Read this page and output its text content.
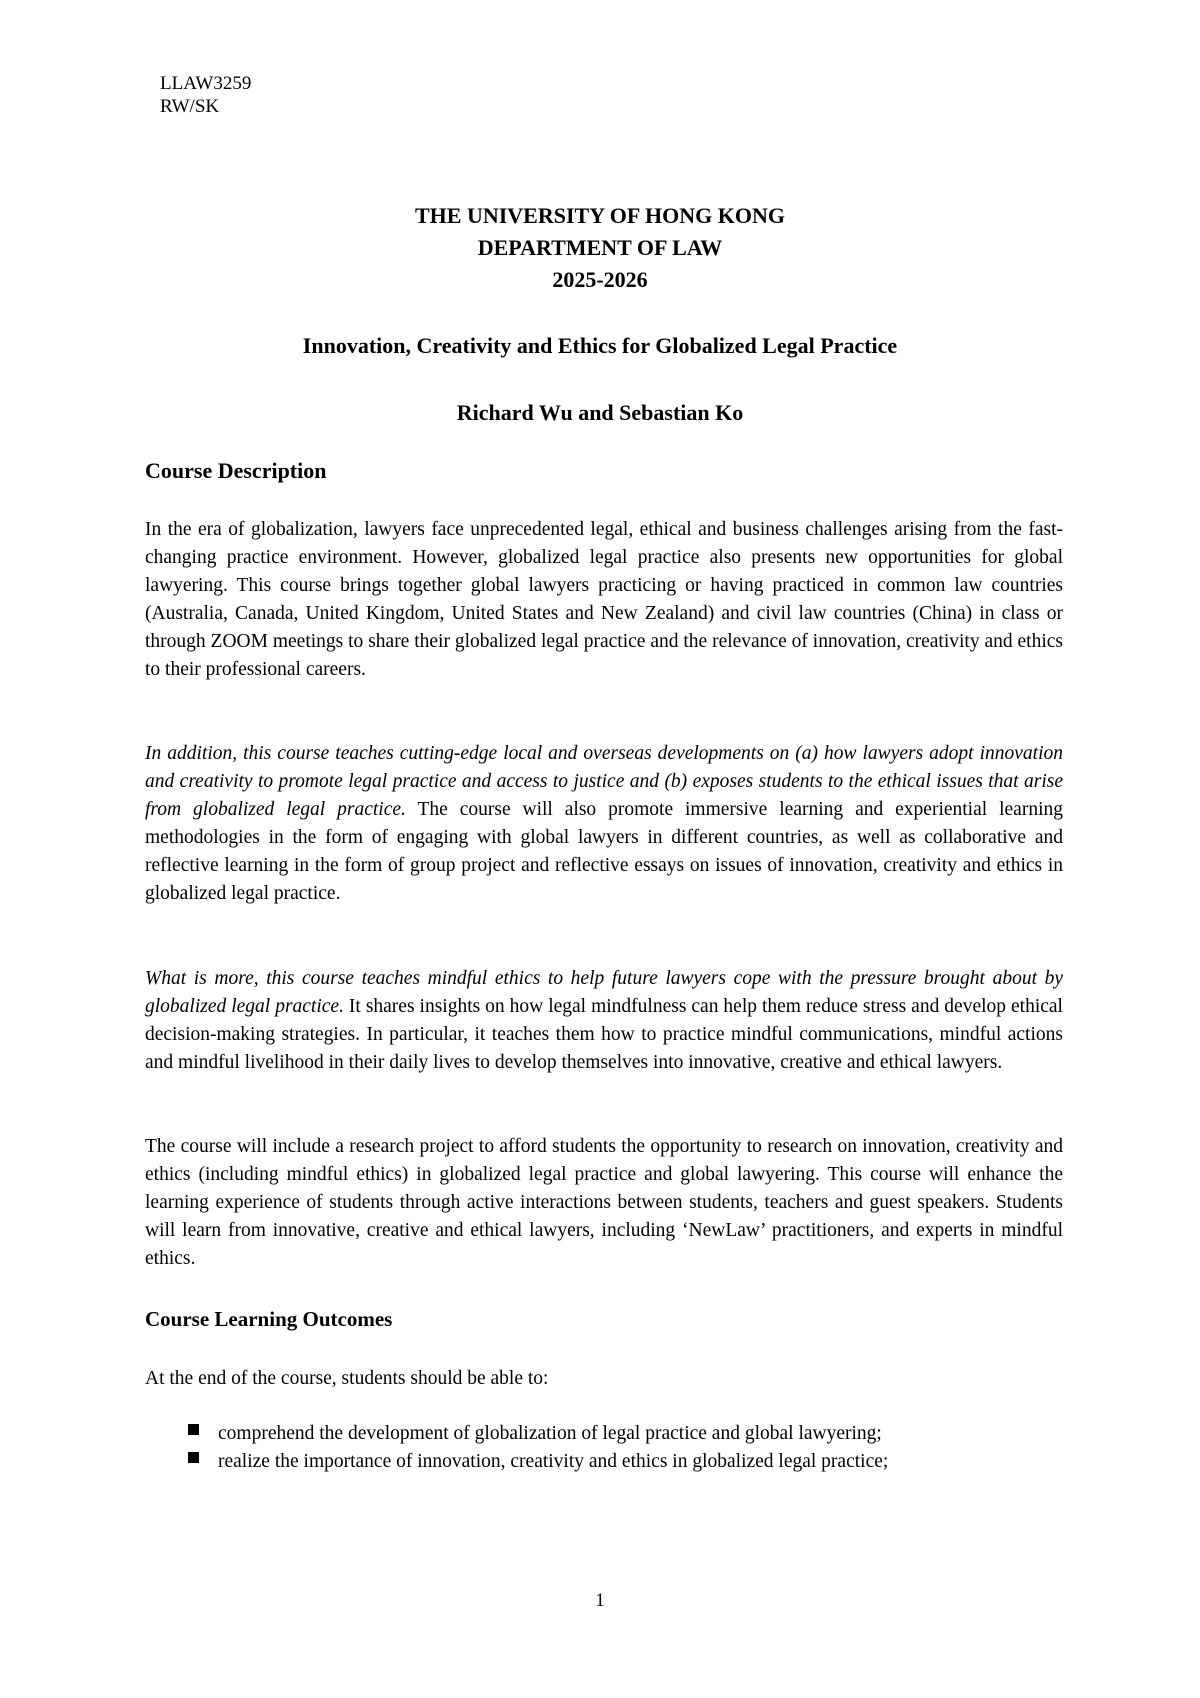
LLAW3259
RW/SK
THE UNIVERSITY OF HONG KONG
DEPARTMENT OF LAW
2025-2026
Innovation, Creativity and Ethics for Globalized Legal Practice
Richard Wu and Sebastian Ko
Course Description
In the era of globalization, lawyers face unprecedented legal, ethical and business challenges arising from the fast-changing practice environment. However, globalized legal practice also presents new opportunities for global lawyering. This course brings together global lawyers practicing or having practiced in common law countries (Australia, Canada, United Kingdom, United States and New Zealand) and civil law countries (China) in class or through ZOOM meetings to share their globalized legal practice and the relevance of innovation, creativity and ethics to their professional careers.
In addition, this course teaches cutting-edge local and overseas developments on (a) how lawyers adopt innovation and creativity to promote legal practice and access to justice and (b) exposes students to the ethical issues that arise from globalized legal practice. The course will also promote immersive learning and experiential learning methodologies in the form of engaging with global lawyers in different countries, as well as collaborative and reflective learning in the form of group project and reflective essays on issues of innovation, creativity and ethics in globalized legal practice.
What is more, this course teaches mindful ethics to help future lawyers cope with the pressure brought about by globalized legal practice. It shares insights on how legal mindfulness can help them reduce stress and develop ethical decision-making strategies. In particular, it teaches them how to practice mindful communications, mindful actions and mindful livelihood in their daily lives to develop themselves into innovative, creative and ethical lawyers.
The course will include a research project to afford students the opportunity to research on innovation, creativity and ethics (including mindful ethics) in globalized legal practice and global lawyering. This course will enhance the learning experience of students through active interactions between students, teachers and guest speakers. Students will learn from innovative, creative and ethical lawyers, including ‘NewLaw’ practitioners, and experts in mindful ethics.
Course Learning Outcomes
At the end of the course, students should be able to:
comprehend the development of globalization of legal practice and global lawyering;
realize the importance of innovation, creativity and ethics in globalized legal practice;
1
